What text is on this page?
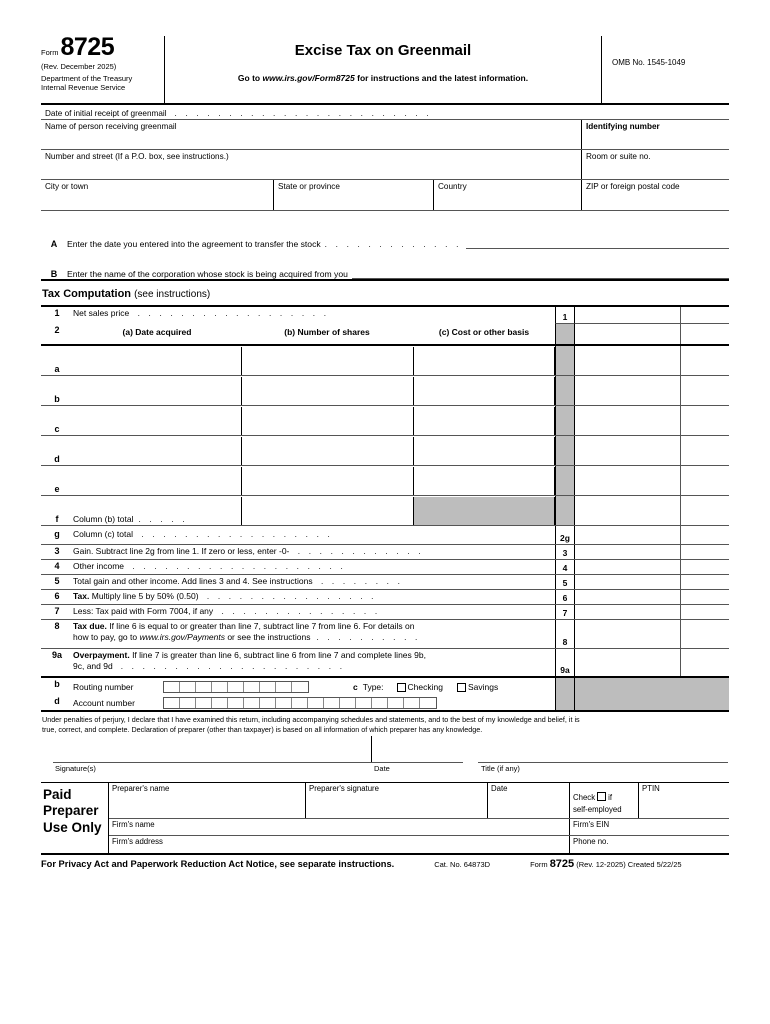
Form 8725
(Rev. December 2025)
Department of the Treasury
Internal Revenue Service
Excise Tax on Greenmail
Go to www.irs.gov/Form8725 for instructions and the latest information.
OMB No. 1545-1049
Date of initial receipt of greenmail . . . . . . . . . . . . . . . . . . . . . . . .
Name of person receiving greenmail	Identifying number
Number and street (If a P.O. box, see instructions.)	Room or suite no.
City or town	State or province	Country	ZIP or foreign postal code
A	Enter the date you entered into the agreement to transfer the stock . . . . . . . . . . . . .
B	Enter the name of the corporation whose stock is being acquired from you
Tax Computation (see instructions)
1	Net sales price . . . . . . . . . . . . . . . . . .	1
2	(a) Date acquired	(b) Number of shares	(c) Cost or other basis
a
b
c
d
e
f	Column (b) total . . . . .
g	Column (c) total . . . . . . . . . . . . . . . . . .	2g
3	Gain. Subtract line 2g from line 1. If zero or less, enter -0- . . . . . . . . . . . .	3
4	Other income . . . . . . . . . . . . . . . . . . . .	4
5	Total gain and other income. Add lines 3 and 4. See instructions . . . . . . . .	5
6	Tax. Multiply line 5 by 50% (0.50) . . . . . . . . . . . . . . . .	6
7	Less: Tax paid with Form 7004, if any . . . . . . . . . . . . . . .	7
8	Tax due. If line 6 is equal to or greater than line 7, subtract line 7 from line 6. For details on
how to pay, go to www.irs.gov/Payments or see the instructions . . . . . . . . . .	8
9a	Overpayment. If line 7 is greater than line 6, subtract line 6 from line 7 and complete lines 9b,
9c, and 9d . . . . . . . . . . . . . . . . . . . . .	9a
b	Routing number	c Type:	Checking	Savings
d	Account number
Under penalties of perjury, I declare that I have examined this return, including accompanying schedules and statements, and to the best of my knowledge and belief, it is
true, correct, and complete. Declaration of preparer (other than taxpayer) is based on all information of which preparer has any knowledge.
Signature(s)	Date	Title (if any)
Paid
Preparer
Use Only
Preparer's name	Preparer's signature	Date
Check if
self-employed
PTIN
Firm's name	Firm's EIN
Firm's address	Phone no.
For Privacy Act and Paperwork Reduction Act Notice, see separate instructions.	Cat. No. 64873D	Form 8725 (Rev. 12-2025) Created 5/22/25
